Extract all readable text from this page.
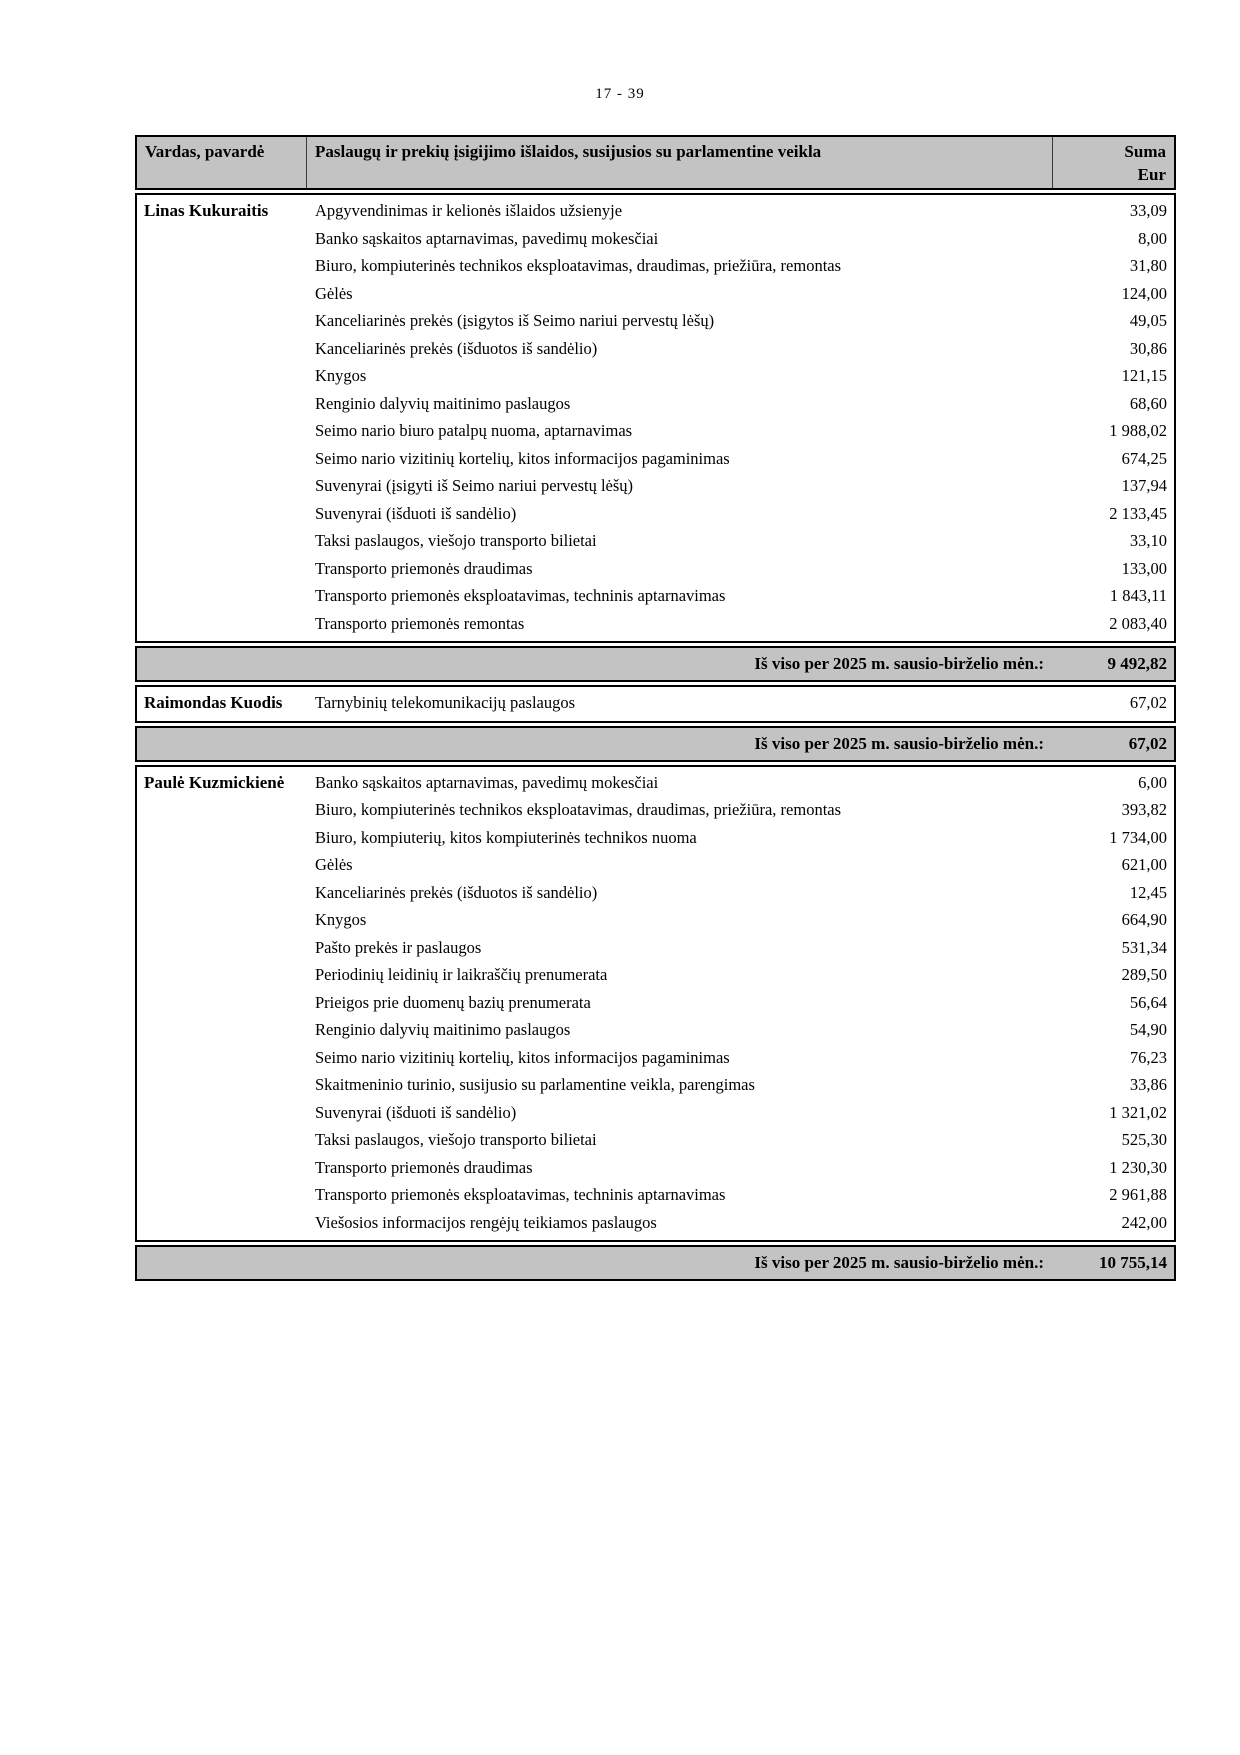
17 - 39
Vardas, pavardė	Paslaugų ir prekių įsigijimo išlaidos, susijusios su parlamentine veikla	Suma
Eur
Linas Kukuraitis	Apgyvendinimas ir kelionės išlaidos užsienyje	33,09
Banko sąskaitos aptarnavimas, pavedimų mokesčiai	8,00
Biuro, kompiuterinės technikos eksploatavimas, draudimas, priežiūra, remontas	31,80
Gėlės	124,00
Kanceliarinės prekės (įsigytos iš Seimo nariui pervestų lėšų)	49,05
Kanceliarinės prekės (išduotos iš sandėlio)	30,86
Knygos	121,15
Renginio dalyvių maitinimo paslaugos	68,60
Seimo nario biuro patalpų nuoma, aptarnavimas	1 988,02
Seimo nario vizitinių kortelių, kitos informacijos pagaminimas	674,25
Suvenyrai (įsigyti iš Seimo nariui pervestų lėšų)	137,94
Suvenyrai (išduoti iš sandėlio)	2 133,45
Taksi paslaugos, viešojo transporto bilietai	33,10
Transporto priemonės draudimas	133,00
Transporto priemonės eksploatavimas, techninis aptarnavimas	1 843,11
Transporto priemonės remontas	2 083,40
Iš viso per 2025 m. sausio-birželio mėn.:	9 492,82
Raimondas Kuodis	Tarnybinių telekomunikacijų paslaugos	67,02
Iš viso per 2025 m. sausio-birželio mėn.:	67,02
Paulė Kuzmickienė	Banko sąskaitos aptarnavimas, pavedimų mokesčiai	6,00
Biuro, kompiuterinės technikos eksploatavimas, draudimas, priežiūra, remontas	393,82
Biuro, kompiuterių, kitos kompiuterinės technikos nuoma	1 734,00
Gėlės	621,00
Kanceliarinės prekės (išduotos iš sandėlio)	12,45
Knygos	664,90
Pašto prekės ir paslaugos	531,34
Periodinių leidinių ir laikraščių prenumerata	289,50
Prieigos prie duomenų bazių prenumerata	56,64
Renginio dalyvių maitinimo paslaugos	54,90
Seimo nario vizitinių kortelių, kitos informacijos pagaminimas	76,23
Skaitmeninio turinio, susijusio su parlamentine veikla, parengimas	33,86
Suvenyrai (išduoti iš sandėlio)	1 321,02
Taksi paslaugos, viešojo transporto bilietai	525,30
Transporto priemonės draudimas	1 230,30
Transporto priemonės eksploatavimas, techninis aptarnavimas	2 961,88
Viešosios informacijos rengėjų teikiamos paslaugos	242,00
Iš viso per 2025 m. sausio-birželio mėn.:	10 755,14
